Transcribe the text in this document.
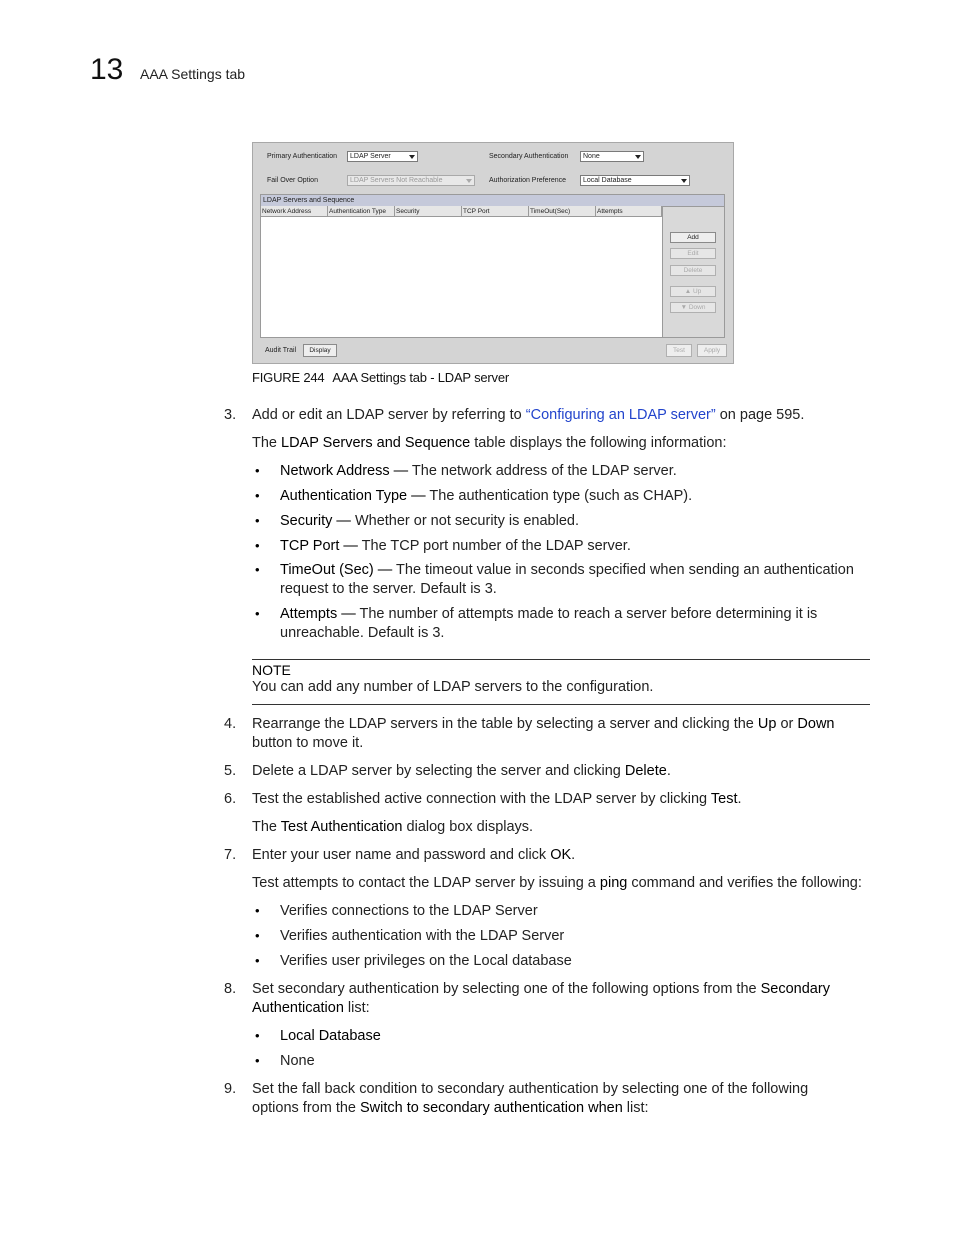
13 AAA Settings tab
Primary Authentication	LDAP Server	Secondary Authentication	None
Fail Over Option	LDAP Servers Not Reachable	Authorization Preference	Local Database
LDAP Servers and Sequence
Network Address	Authentication Type	Security	TCP Port	TimeOut(Sec)	Attempts
Add
Edit
Delete
▲ Up
▼ Down
Audit Trail	Display	Test	Apply
FIGURE 244 AAA Settings tab - LDAP server
3. Add or edit an LDAP server by referring to “Configuring an LDAP server” on page 595.
The LDAP Servers and Sequence table displays the following information:
• Network Address — The network address of the LDAP server.
• Authentication Type — The authentication type (such as CHAP).
• Security — Whether or not security is enabled.
• TCP Port — The TCP port number of the LDAP server.
• TimeOut (Sec) — The timeout value in seconds specified when sending an authentication
request to the server. Default is 3.
• Attempts — The number of attempts made to reach a server before determining it is
unreachable. Default is 3.
NOTE
You can add any number of LDAP servers to the configuration.
4. Rearrange the LDAP servers in the table by selecting a server and clicking the Up or Down
button to move it.
5. Delete a LDAP server by selecting the server and clicking Delete.
6. Test the established active connection with the LDAP server by clicking Test.
The Test Authentication dialog box displays.
7. Enter your user name and password and click OK.
Test attempts to contact the LDAP server by issuing a ping command and verifies the following:
• Verifies connections to the LDAP Server
• Verifies authentication with the LDAP Server
• Verifies user privileges on the Local database
8. Set secondary authentication by selecting one of the following options from the Secondary
Authentication list:
• Local Database
• None
9. Set the fall back condition to secondary authentication by selecting one of the following
options from the Switch to secondary authentication when list:
